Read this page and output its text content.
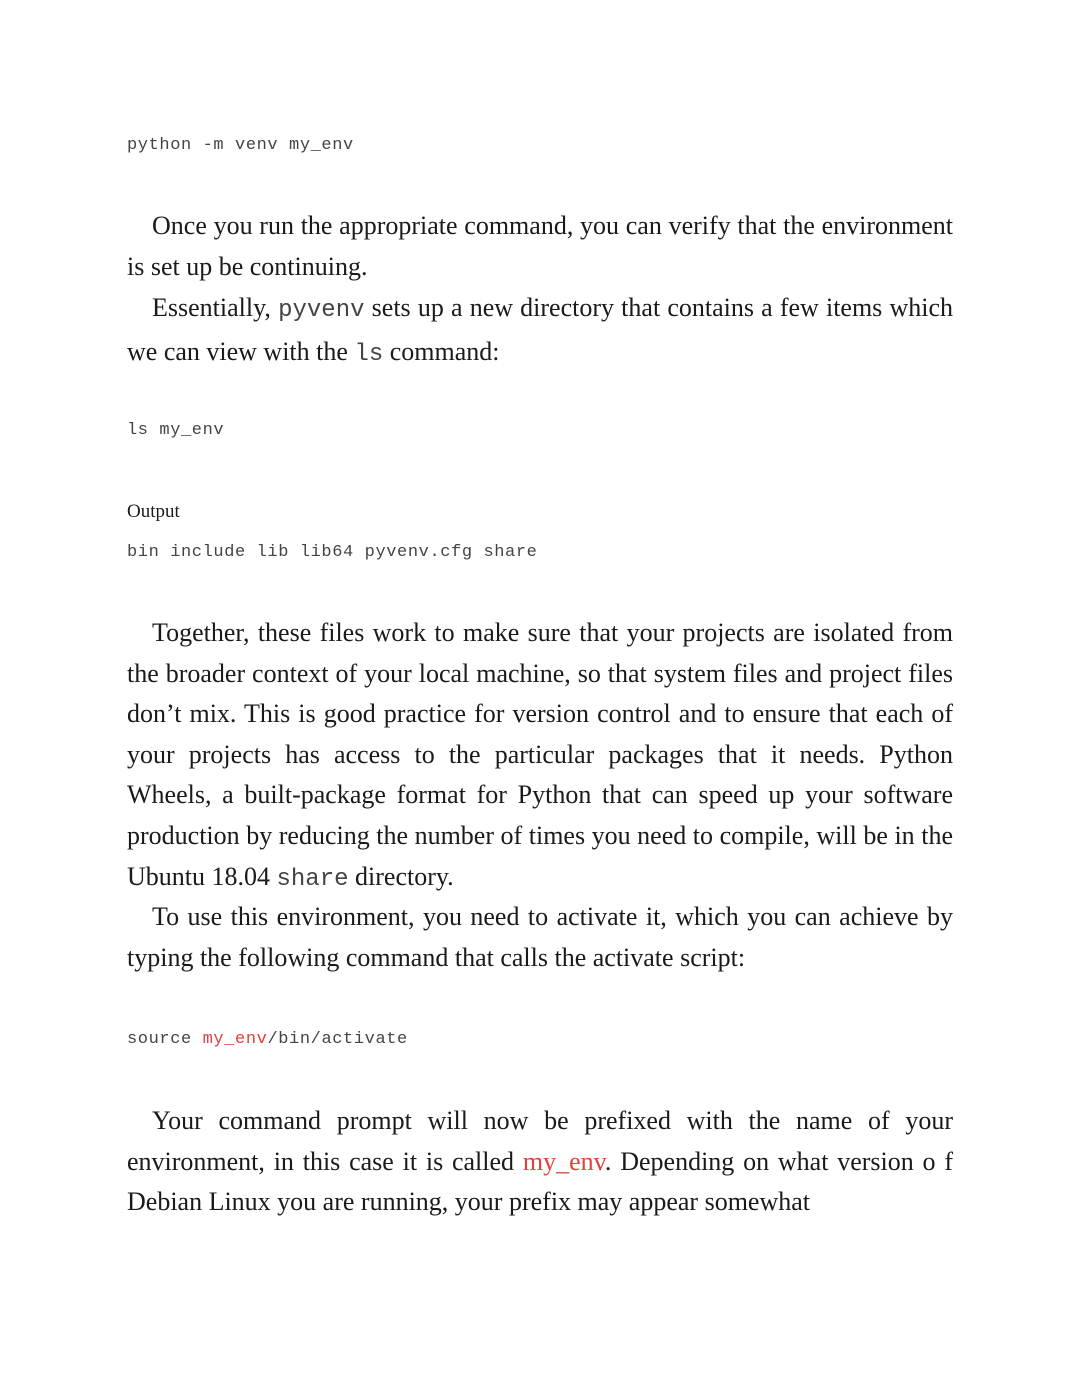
python -m venv my_env

Once you run the appropriate command, you can verify that the environment is set up be continuing.

Essentially, pyvenv sets up a new directory that contains a few items which we can view with the ls command:

ls my_env
Output
bin include lib lib64 pyvenv.cfg share

Together, these files work to make sure that your projects are isolated from the broader context of your local machine, so that system files and project files don’t mix. This is good practice for version control and to ensure that each of your projects has access to the particular packages that it needs. Python Wheels, a built-package format for Python that can speed up your software production by reducing the number of times you need to compile, will be in the Ubuntu 18.04 share directory.

To use this environment, you need to activate it, which you can achieve by typing the following command that calls the activate script:

source my_env/bin/activate

Your command prompt will now be prefixed with the name of your environment, in this case it is called my_env. Depending on what version o f Debian Linux you are running, your prefix may appear somewhat
